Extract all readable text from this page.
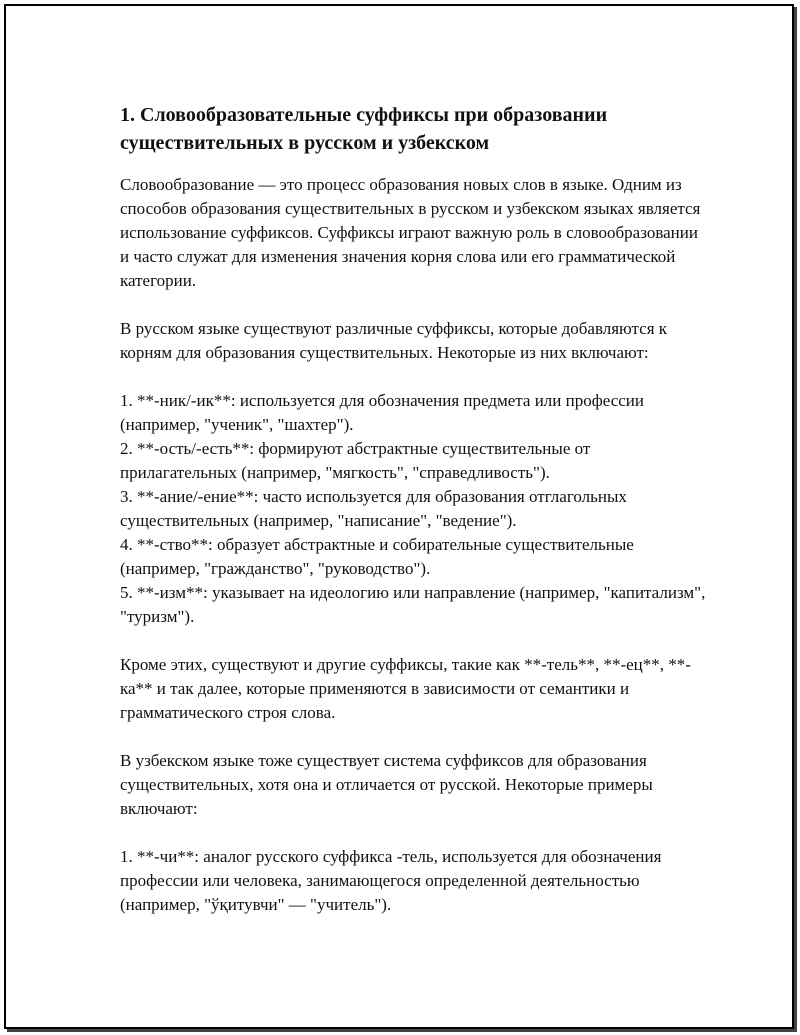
1. Словообразовательные суффиксы при образовании существительных в русском и узбекском

Словообразование — это процесс образования новых слов в языке. Одним из способов образования существительных в русском и узбекском языках является использование суффиксов. Суффиксы играют важную роль в словообразовании и часто служат для изменения значения корня слова или его грамматической категории.

В русском языке существуют различные суффиксы, которые добавляются к корням для образования существительных. Некоторые из них включают:

1. **-ник/-ик**: используется для обозначения предмета или профессии (например, "ученик", "шахтер").

2. **-ость/-есть**: формируют абстрактные существительные от прилагательных (например, "мягкость", "справедливость").

3. **-ание/-ение**: часто используется для образования отглагольных существительных (например, "написание", "ведение").

4. **-ство**: образует абстрактные и собирательные существительные (например, "гражданство", "руководство").

5. **-изм**: указывает на идеологию или направление (например, "капитализм", "туризм").

Кроме этих, существуют и другие суффиксы, такие как **-тель**, **-ец**, **-ка** и так далее, которые применяются в зависимости от семантики и грамматического строя слова.

В узбекском языке тоже существует система суффиксов для образования существительных, хотя она и отличается от русской. Некоторые примеры включают:

1. **-чи**: аналог русского суффикса -тель, используется для обозначения профессии или человека, занимающегося определенной деятельностью (например, "ўқитувчи" — "учитель").
